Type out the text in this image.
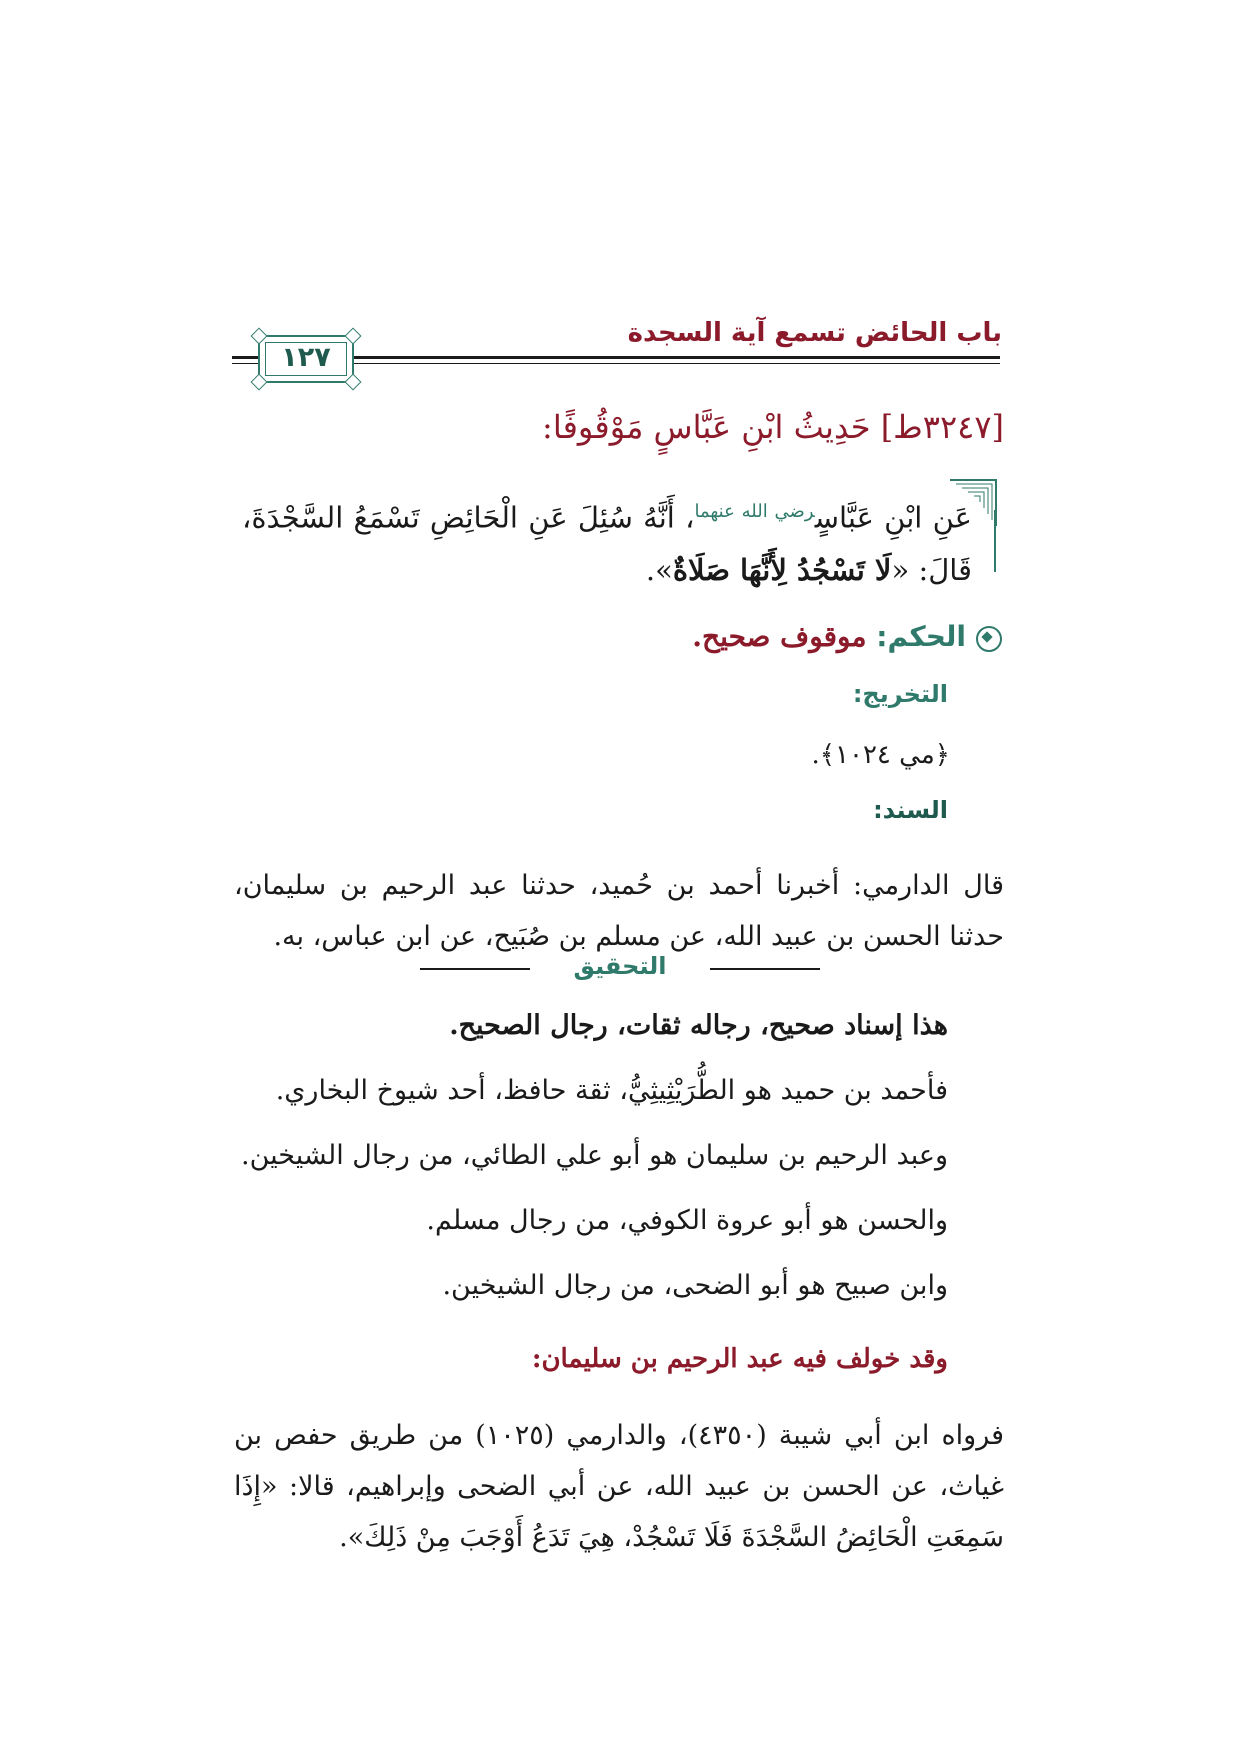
باب الحائض تسمع آية السجدة
١٢٧
[٣٢٤٧ط] حَدِيثُ ابْنِ عَبَّاسٍ مَوْقُوفًا:
عَنِ ابْنِ عَبَّاسٍ$^{رضي الله عنهما}$، أَنَّهُ سُئِلَ عَنِ الْحَائِضِ تَسْمَعُ السَّجْدَةَ، قَالَ: «لَا تَسْجُدُ لِأَنَّهَا صَلَاةٌ».
الحكم: موقوف صحيح.
التخريج:
﴿مي ١٠٢٤﴾.
السند:
قال الدارمي: أخبرنا أحمد بن حُميد، حدثنا عبد الرحيم بن سليمان، حدثنا الحسن بن عبيد الله، عن مسلم بن صُبَيح، عن ابن عباس، به.
التحقيق
هذا إسناد صحيح، رجاله ثقات، رجال الصحيح.
فأحمد بن حميد هو الطُّرَيْثِيثِيُّ، ثقة حافظ، أحد شيوخ البخاري.
وعبد الرحيم بن سليمان هو أبو علي الطائي، من رجال الشيخين.
والحسن هو أبو عروة الكوفي، من رجال مسلم.
وابن صبيح هو أبو الضحى، من رجال الشيخين.
وقد خولف فيه عبد الرحيم بن سليمان:
فرواه ابن أبي شيبة (٤٣٥٠)، والدارمي (١٠٢٥) من طريق حفص بن غياث، عن الحسن بن عبيد الله، عن أبي الضحى وإبراهيم، قالا: «إِذَا سَمِعَتِ الْحَائِضُ السَّجْدَةَ فَلَا تَسْجُدْ، هِيَ تَدَعُ أَوْجَبَ مِنْ ذَلِكَ».
